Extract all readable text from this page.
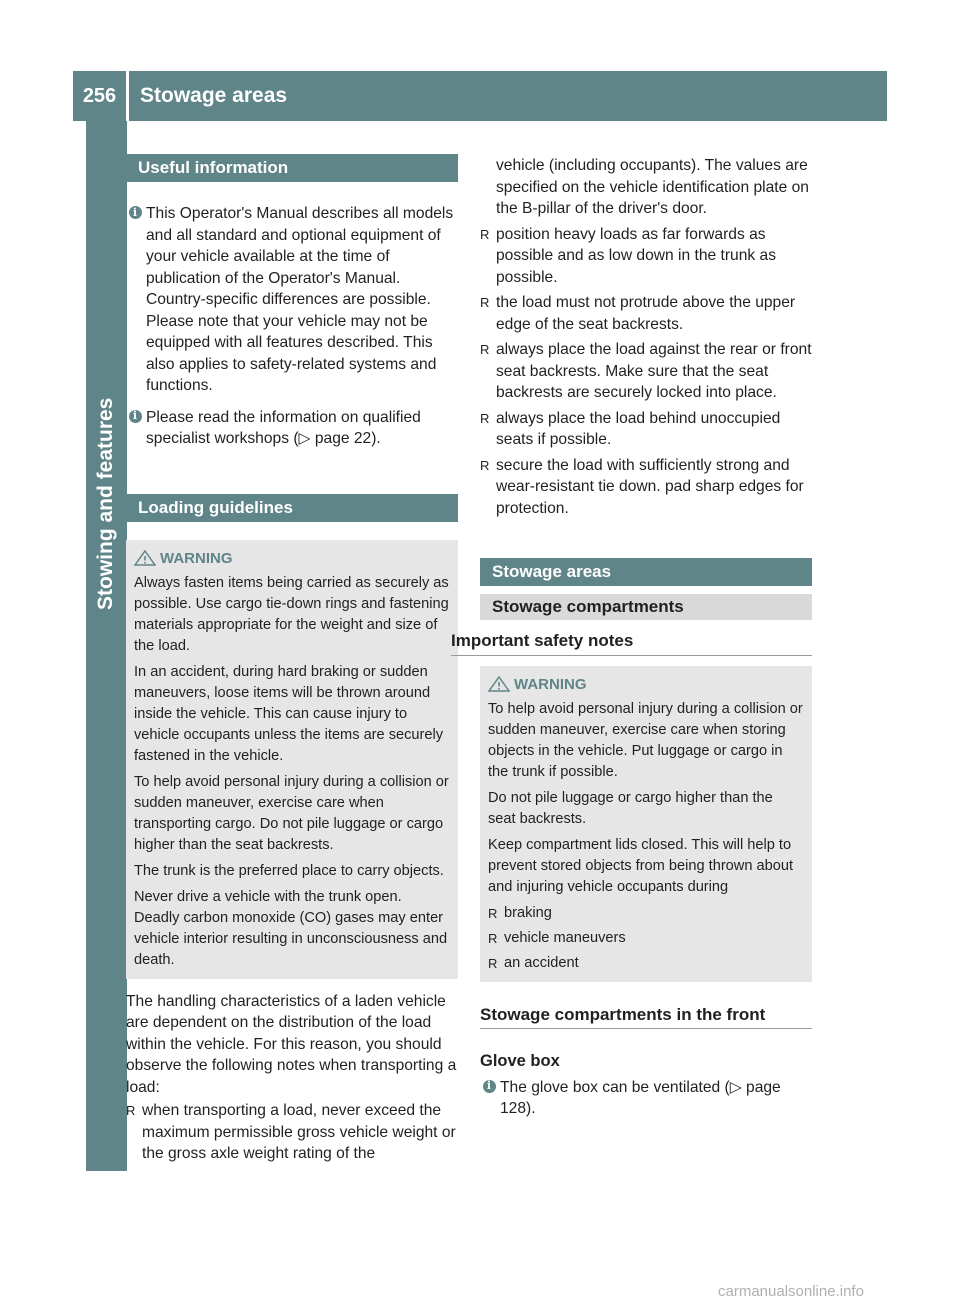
256	Stowage areas
Stowing and features
Useful information
i This Operator's Manual describes all models and all standard and optional equipment of your vehicle available at the time of publication of the Operator's Manual. Country-specific differences are possible. Please note that your vehicle may not be equipped with all features described. This also applies to safety-related systems and functions.
i Please read the information on qualified specialist workshops (▷ page 22).
Loading guidelines
WARNING

Always fasten items being carried as securely as possible. Use cargo tie-down rings and fastening materials appropriate for the weight and size of the load.

In an accident, during hard braking or sudden maneuvers, loose items will be thrown around inside the vehicle. This can cause injury to vehicle occupants unless the items are securely fastened in the vehicle.

To help avoid personal injury during a collision or sudden maneuver, exercise care when transporting cargo. Do not pile luggage or cargo higher than the seat backrests.

The trunk is the preferred place to carry objects.

Never drive a vehicle with the trunk open. Deadly carbon monoxide (CO) gases may enter vehicle interior resulting in unconsciousness and death.

The handling characteristics of a laden vehicle are dependent on the distribution of the load within the vehicle. For this reason, you should observe the following notes when transporting a load:

R when transporting a load, never exceed the maximum permissible gross vehicle weight or the gross axle weight rating of the
vehicle (including occupants). The values are specified on the vehicle identification plate on the B-pillar of the driver's door.
R position heavy loads as far forwards as possible and as low down in the trunk as possible.
R the load must not protrude above the upper edge of the seat backrests.
R always place the load against the rear or front seat backrests. Make sure that the seat backrests are securely locked into place.
R always place the load behind unoccupied seats if possible.
R secure the load with sufficiently strong and wear-resistant tie down. pad sharp edges for protection.
Stowage areas
Stowage compartments
Important safety notes
WARNING

To help avoid personal injury during a collision or sudden maneuver, exercise care when storing objects in the vehicle. Put luggage or cargo in the trunk if possible.

Do not pile luggage or cargo higher than the seat backrests.

Keep compartment lids closed. This will help to prevent stored objects from being thrown about and injuring vehicle occupants during

R braking
R vehicle maneuvers
R an accident
Stowage compartments in the front
Glove box
i The glove box can be ventilated (▷ page 128).
carmanualsonline.info
